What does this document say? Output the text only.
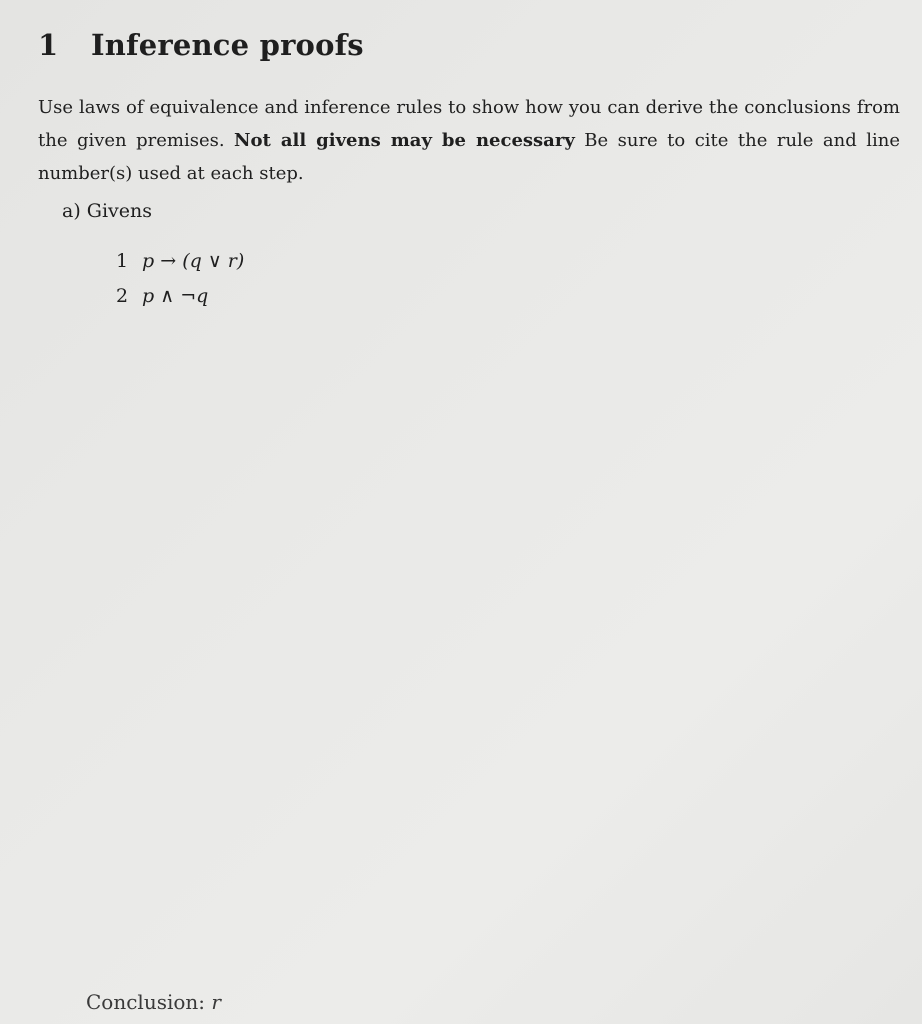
1 Inference proofs
Use laws of equivalence and inference rules to show how you can derive the conclusions from the given premises. Not all givens may be necessary Be sure to cite the rule and line number(s) used at each step.
a) Givens
1 p → (q ∨ r)
2 p ∧ ¬q
Conclusion: r
